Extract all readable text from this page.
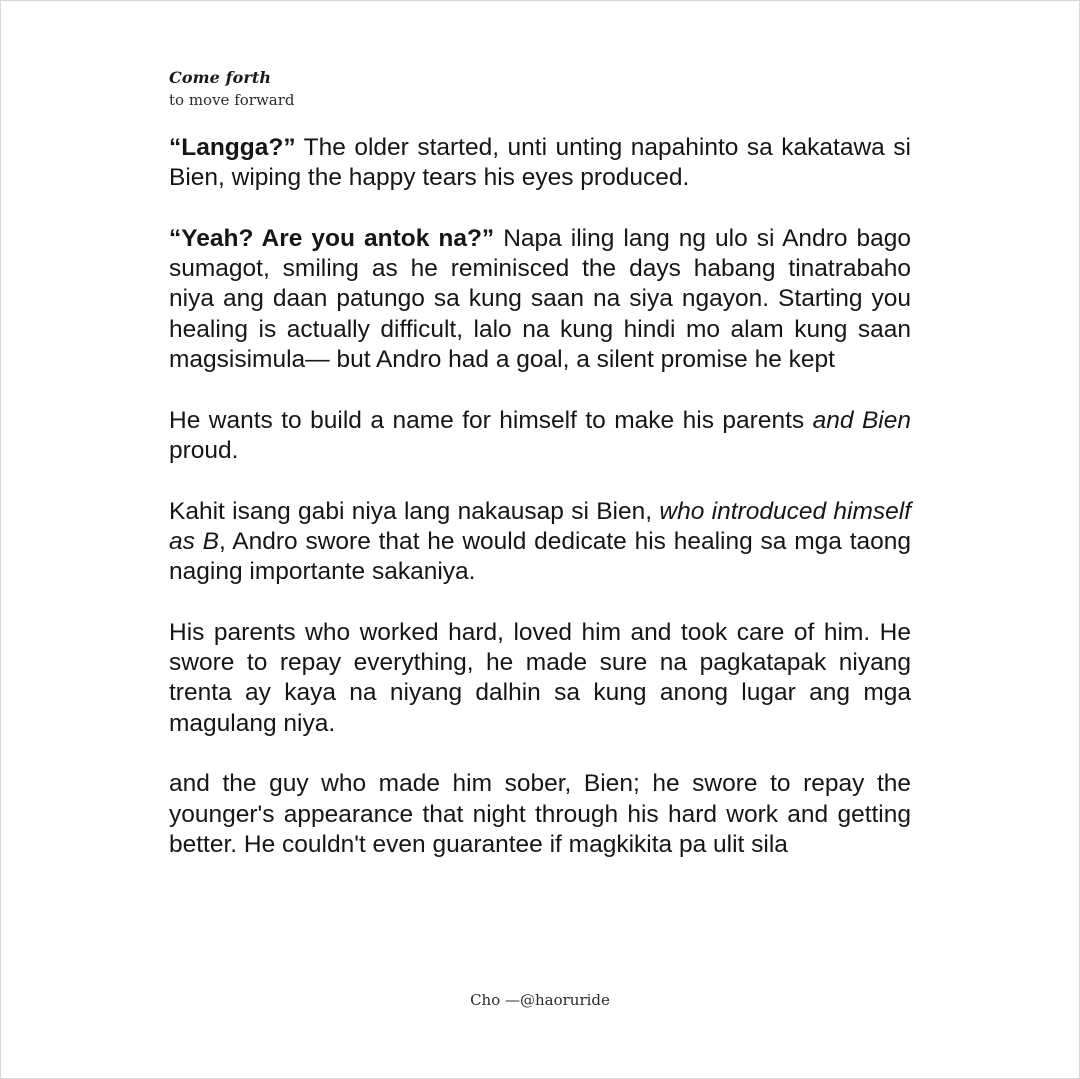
Come forth
to move forward

“Langga?” The older started, unti unting napahinto sa kakatawa si Bien, wiping the happy tears his eyes produced.

“Yeah? Are you antok na?” Napa iling lang ng ulo si Andro bago sumagot, smiling as he reminisced the days habang tinatrabaho niya ang daan patungo sa kung saan na siya ngayon. Starting you healing is actually difficult, lalo na kung hindi mo alam kung saan magsisimula— but Andro had a goal, a silent promise he kept

He wants to build a name for himself to make his parents and Bien proud.

Kahit isang gabi niya lang nakausap si Bien, who introduced himself as B, Andro swore that he would dedicate his healing sa mga taong naging importante sakaniya.

His parents who worked hard, loved him and took care of him. He swore to repay everything, he made sure na pagkatapak niyang trenta ay kaya na niyang dalhin sa kung anong lugar ang mga magulang niya.

and the guy who made him sober, Bien; he swore to repay the younger's appearance that night through his hard work and getting better. He couldn't even guarantee if magkikita pa ulit sila

Cho —@haoruride
